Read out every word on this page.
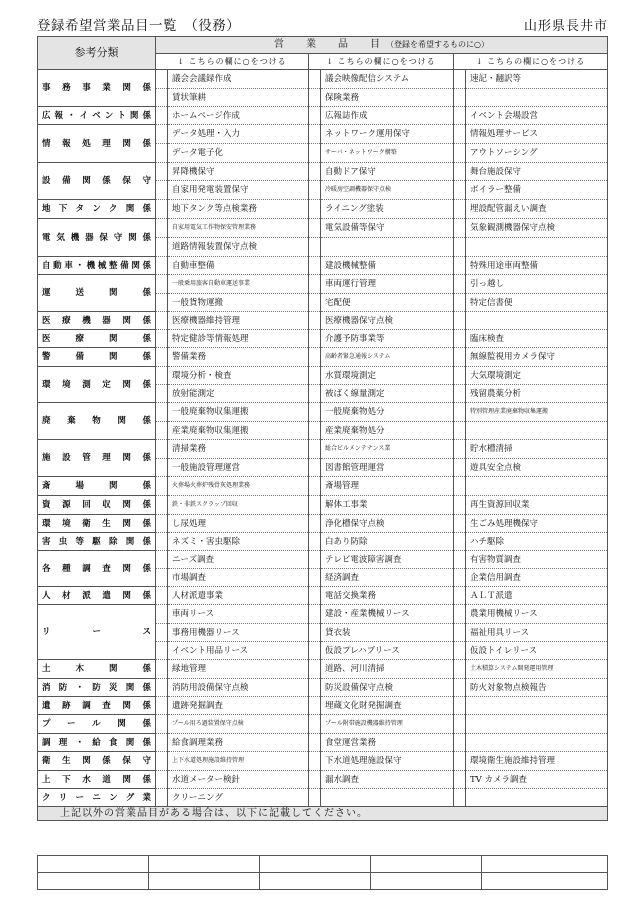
登録希望営業品目一覧　（役務）	山形県長井市
参考分類	営　業　品　目（登録を希望するものに○）					
	↓ こちらの欄に○をつける		↓ こちらの欄に○をつける		↓ こちらの欄に○をつける	
事務事業関係		議会会議録作成		議会映像配信システム		速記・翻訳等
		賃状筆耕		保険業務		
広報・イベント関係		ホームページ作成		広報誌作成		イベント会場設営
情報処理関係		データ処理・入力		ネットワーク運用保守		情報処理サービス
		データ電子化		サーバ・ネットワーク構築		アウトソーシング
設備関係保守		昇降機保守		自動ドア保守		舞台施設保守
		自家用発電装置保守		冷暖房空調機器保守点検		ボイラー整備
地下タンク関係		地下タンク等点検業務		ライニング塗装		埋設配管漏えい調査
電気機器保守関係		自家用電気工作物保安管理業務		電気設備等保守		気象観測機器保守点検
		道路情報装置保守点検				
自動車・機械整備関係		自動車整備		建設機械整備		特殊用途車両整備
運送関係		一般乗用旅客自動車運送事業		車両運行管理		引っ越し
		一般貨物運搬		宅配便		特定信書便
医療機器関係		医療機器維持管理		医療機器保守点検		
医療関係		特定健診等情報処理		介護予防事業等		臨床検査
警備関係		警備業務		高齢者緊急通報システム		無線監視用カメラ保守
環境測定関係		環境分析・検査		水質環境測定		大気環境測定
		放射能測定		被ばく線量測定		残留農薬分析
廃棄物関係		一般廃棄物収集運搬		一般廃棄物処分		特別管理産業廃棄物収集運搬
		産業廃棄物収集運搬		産業廃棄物処分		
施設管理関係		清掃業務		総合ビルメンテナンス業		貯水槽清掃
		一般施設管理運営		図書館管理運営		遊具安全点検
斎場関係		火葬場火葬炉残骨灰処理業務		斎場管理		
資源回収関係		鉄・非鉄スクラップ回収		解体工事業		再生資源回収業
環境衛生関係		し尿処理		浄化槽保守点検		生ごみ処理機保守
害虫等駆除関係		ネズミ・害虫駆除		白あり防除		ハチ駆除
各種調査関係		ニーズ調査		テレビ電波障害調査		有害物質調査
		市場調査		経済調査		企業信用調査
人材派遣関係		人材派遣事業		電話交換業務		ＡＬＴ派遣
リース		車両リース		建設・産業機械リース		農業用機械リース
		事務用機器リース		貸衣装		福祉用具リース
		イベント用品リース		仮設プレハブリース		仮設トイレリース
土木関係		緑地管理		道路、河川清掃		土木積算システム開発運用管理
消防・防災関係		消防用設備保守点検		防災設備保守点検		防火対象物点検報告
遺跡調査関係		遺跡発掘調査		埋蔵文化財発掘調査		
プール関係		プール用ろ過装置保守点検		プール附帯施設機器維持管理		
調理・給食関係		給食調理業務		食堂運営業務		
衛生関係保守		上下水道処理施設維持管理		下水道処理施設保守		環境衛生施設維持管理
上下水道関係		水道メーター検針		漏水調査		TV カメラ調査
クリーニング業		クリーニング				
上記以外の営業品目がある場合は、以下に記載してください。						
